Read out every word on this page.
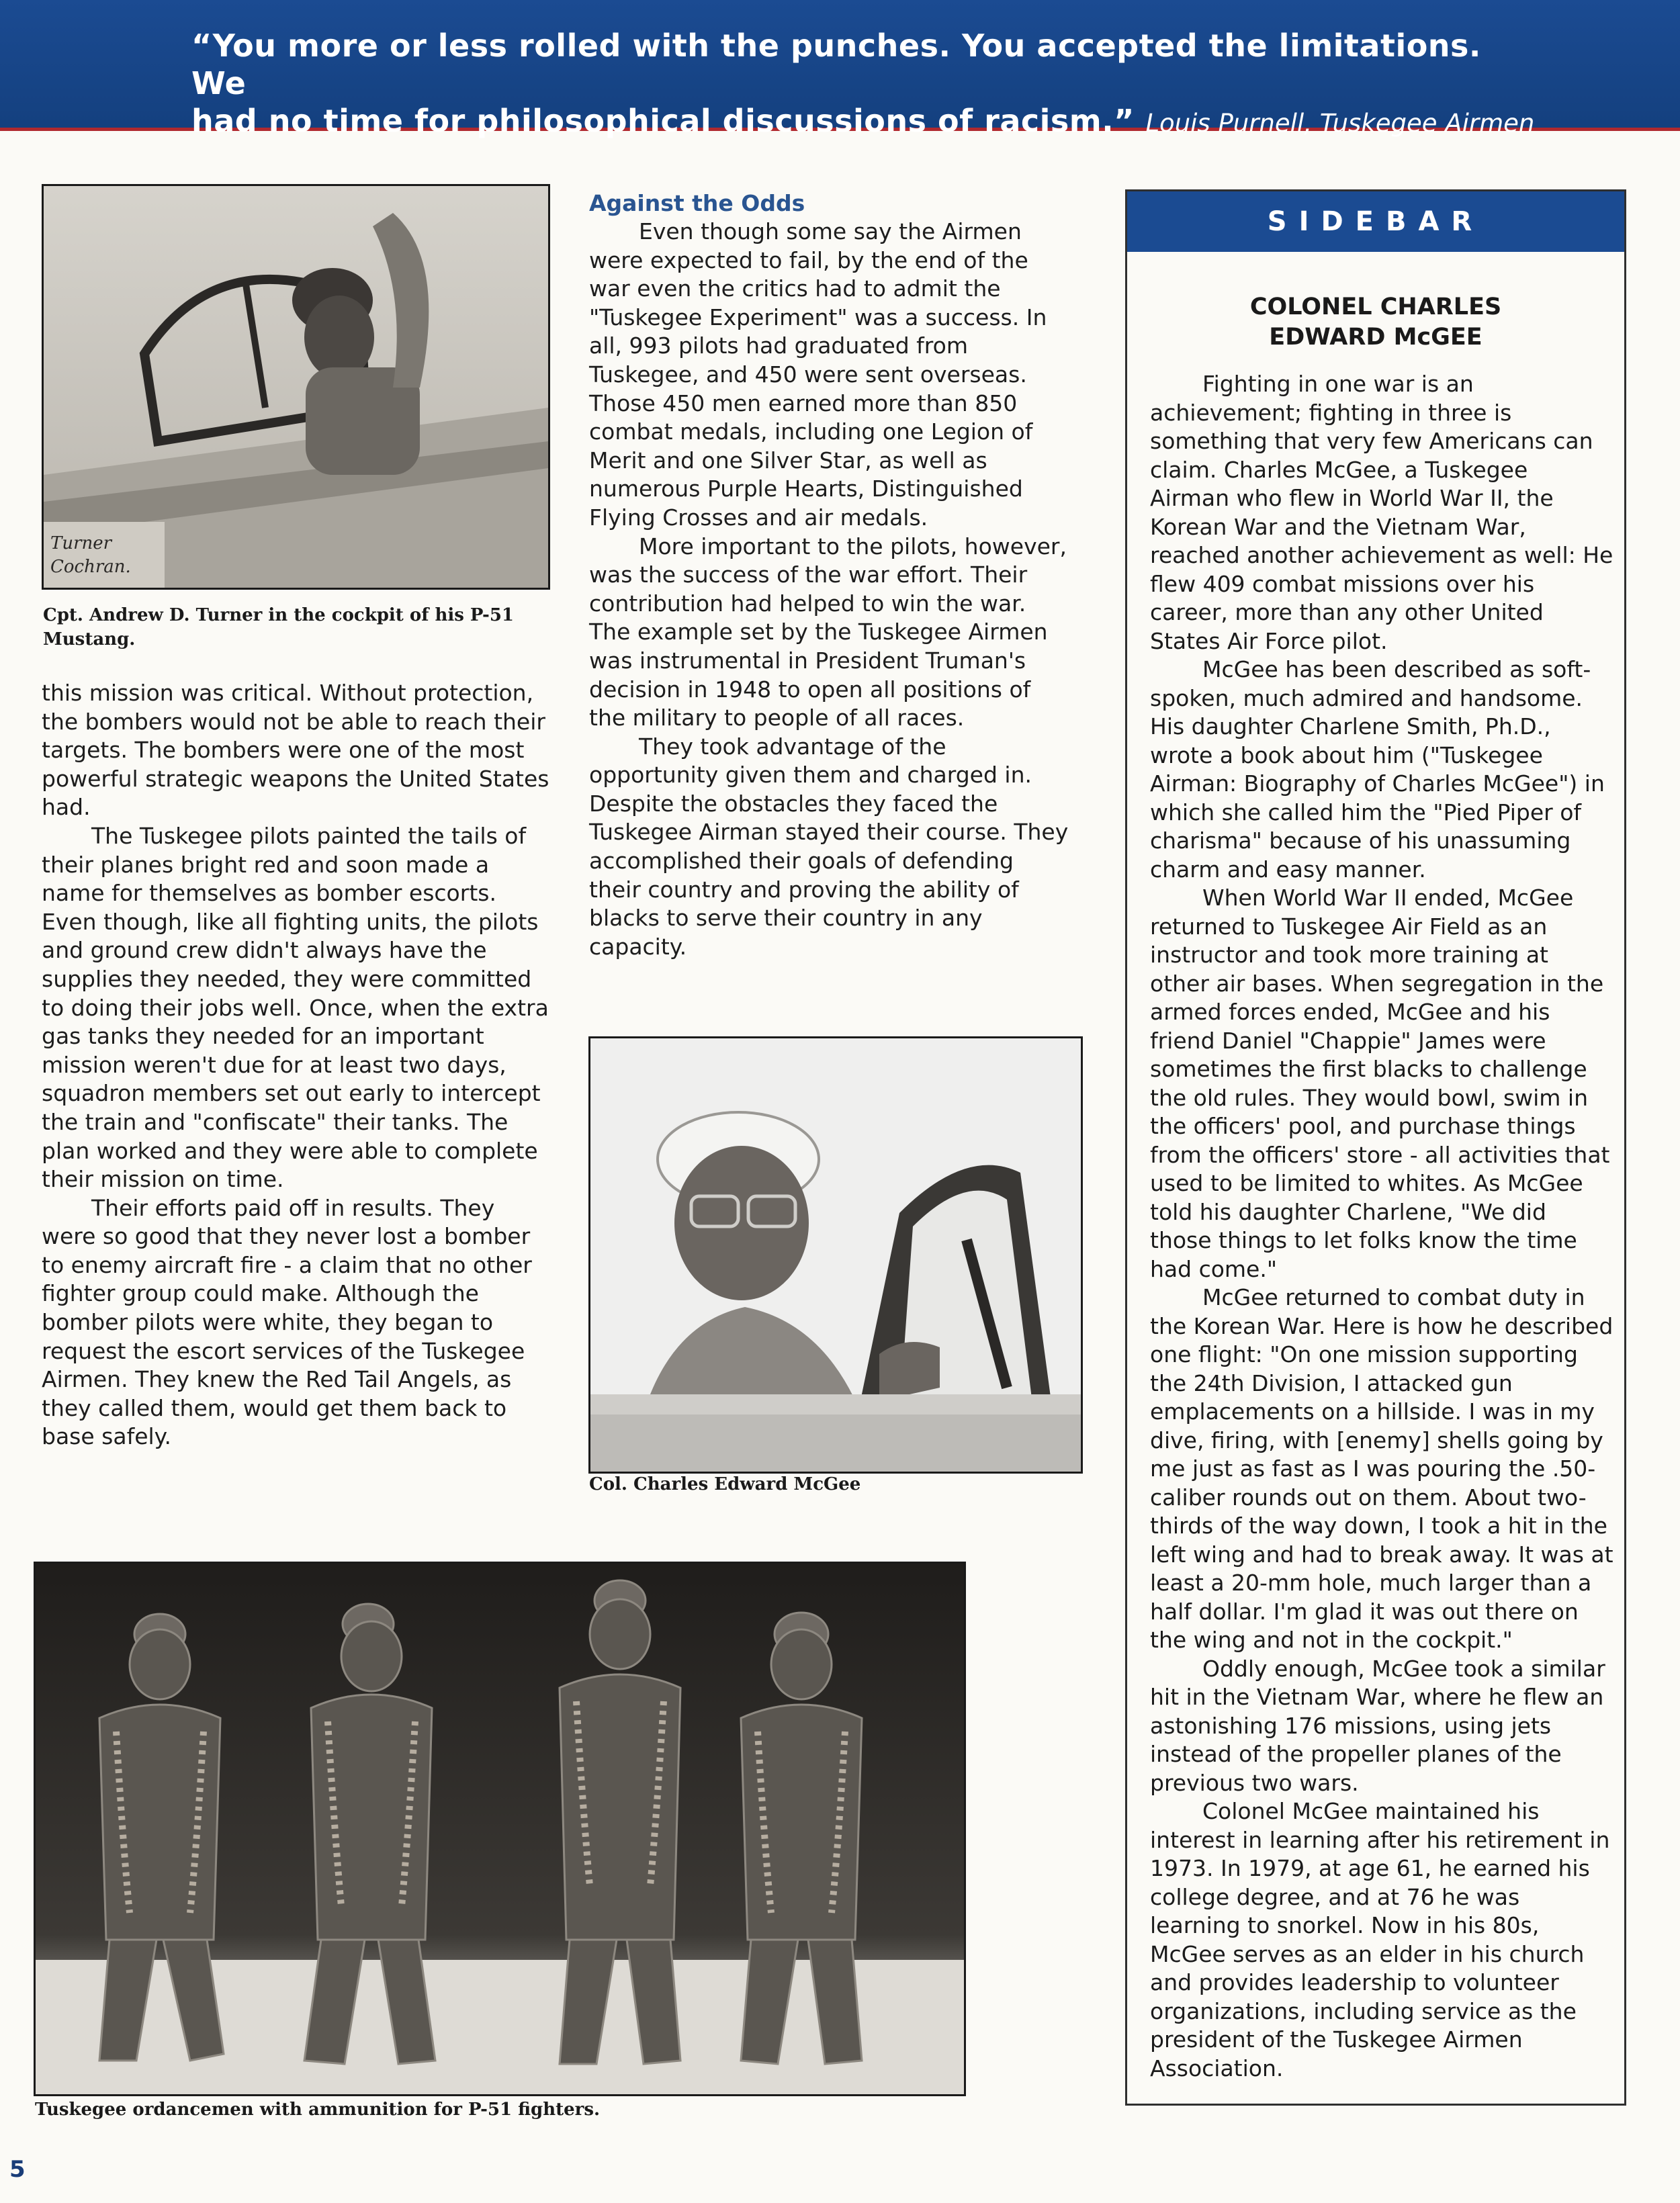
“You more or less rolled with the punches. You accepted the limitations. We
had no time for philosophical discussions of racism.” Louis Purnell, Tuskegee Airmen
Turner
Cochran.
Cpt. Andrew D. Turner in the cockpit of his P-51 Mustang.

this mission was critical. Without protection, the bombers would not be able to reach their targets. The bombers were one of the most powerful strategic weapons the United States had.

The Tuskegee pilots painted the tails of their planes bright red and soon made a name for themselves as bomber escorts. Even though, like all fighting units, the pilots and ground crew didn't always have the supplies they needed, they were committed to doing their jobs well. Once, when the extra gas tanks they needed for an important mission weren't due for at least two days, squadron members set out early to intercept the train and "confiscate" their tanks. The plan worked and they were able to complete their mission on time.

Their efforts paid off in results. They were so good that they never lost a bomber to enemy aircraft fire - a claim that no other fighter group could make. Although the bomber pilots were white, they began to request the escort services of the Tuskegee Airmen. They knew the Red Tail Angels, as they called them, would get them back to base safely.

Against the Odds

Even though some say the Airmen were expected to fail, by the end of the war even the critics had to admit the "Tuskegee Experiment" was a success. In all, 993 pilots had graduated from Tuskegee, and 450 were sent overseas. Those 450 men earned more than 850 combat medals, including one Legion of Merit and one Silver Star, as well as numerous Purple Hearts, Distinguished Flying Crosses and air medals.

More important to the pilots, however, was the success of the war effort. Their contribution had helped to win the war. The example set by the Tuskegee Airmen was instrumental in President Truman's decision in 1948 to open all positions of the military to people of all races.

They took advantage of the opportunity given them and charged in. Despite the obstacles they faced the Tuskegee Airman stayed their course. They accomplished their goals of defending their country and proving the ability of blacks to serve their country in any capacity.

Col. Charles Edward McGee
Tuskegee ordancemen with ammunition for P-51 fighters.
SIDEBAR
COLONEL CHARLES
EDWARD McGEE

Fighting in one war is an achievement; fighting in three is something that very few Americans can claim. Charles McGee, a Tuskegee Airman who flew in World War II, the Korean War and the Vietnam War, reached another achievement as well: He flew 409 combat missions over his career, more than any other United States Air Force pilot.

McGee has been described as soft-spoken, much admired and handsome. His daughter Charlene Smith, Ph.D., wrote a book about him ("Tuskegee Airman: Biography of Charles McGee") in which she called him the "Pied Piper of charisma" because of his unassuming charm and easy manner.

When World War II ended, McGee returned to Tuskegee Air Field as an instructor and took more training at other air bases. When segregation in the armed forces ended, McGee and his friend Daniel "Chappie" James were sometimes the first blacks to challenge the old rules. They would bowl, swim in the officers' pool, and purchase things from the officers' store - all activities that used to be limited to whites. As McGee told his daughter Charlene, "We did those things to let folks know the time had come."

McGee returned to combat duty in the Korean War. Here is how he described one flight: "On one mission supporting the 24th Division, I attacked gun emplacements on a hillside. I was in my dive, firing, with [enemy] shells going by me just as fast as I was pouring the .50-caliber rounds out on them. About two-thirds of the way down, I took a hit in the left wing and had to break away. It was at least a 20-mm hole, much larger than a half dollar. I'm glad it was out there on the wing and not in the cockpit."

Oddly enough, McGee took a similar hit in the Vietnam War, where he flew an astonishing 176 missions, using jets instead of the propeller planes of the previous two wars.

Colonel McGee maintained his interest in learning after his retirement in 1973. In 1979, at age 61, he earned his college degree, and at 76 he was learning to snorkel. Now in his 80s, McGee serves as an elder in his church and provides leadership to volunteer organizations, including service as the president of the Tuskegee Airmen Association.

5
